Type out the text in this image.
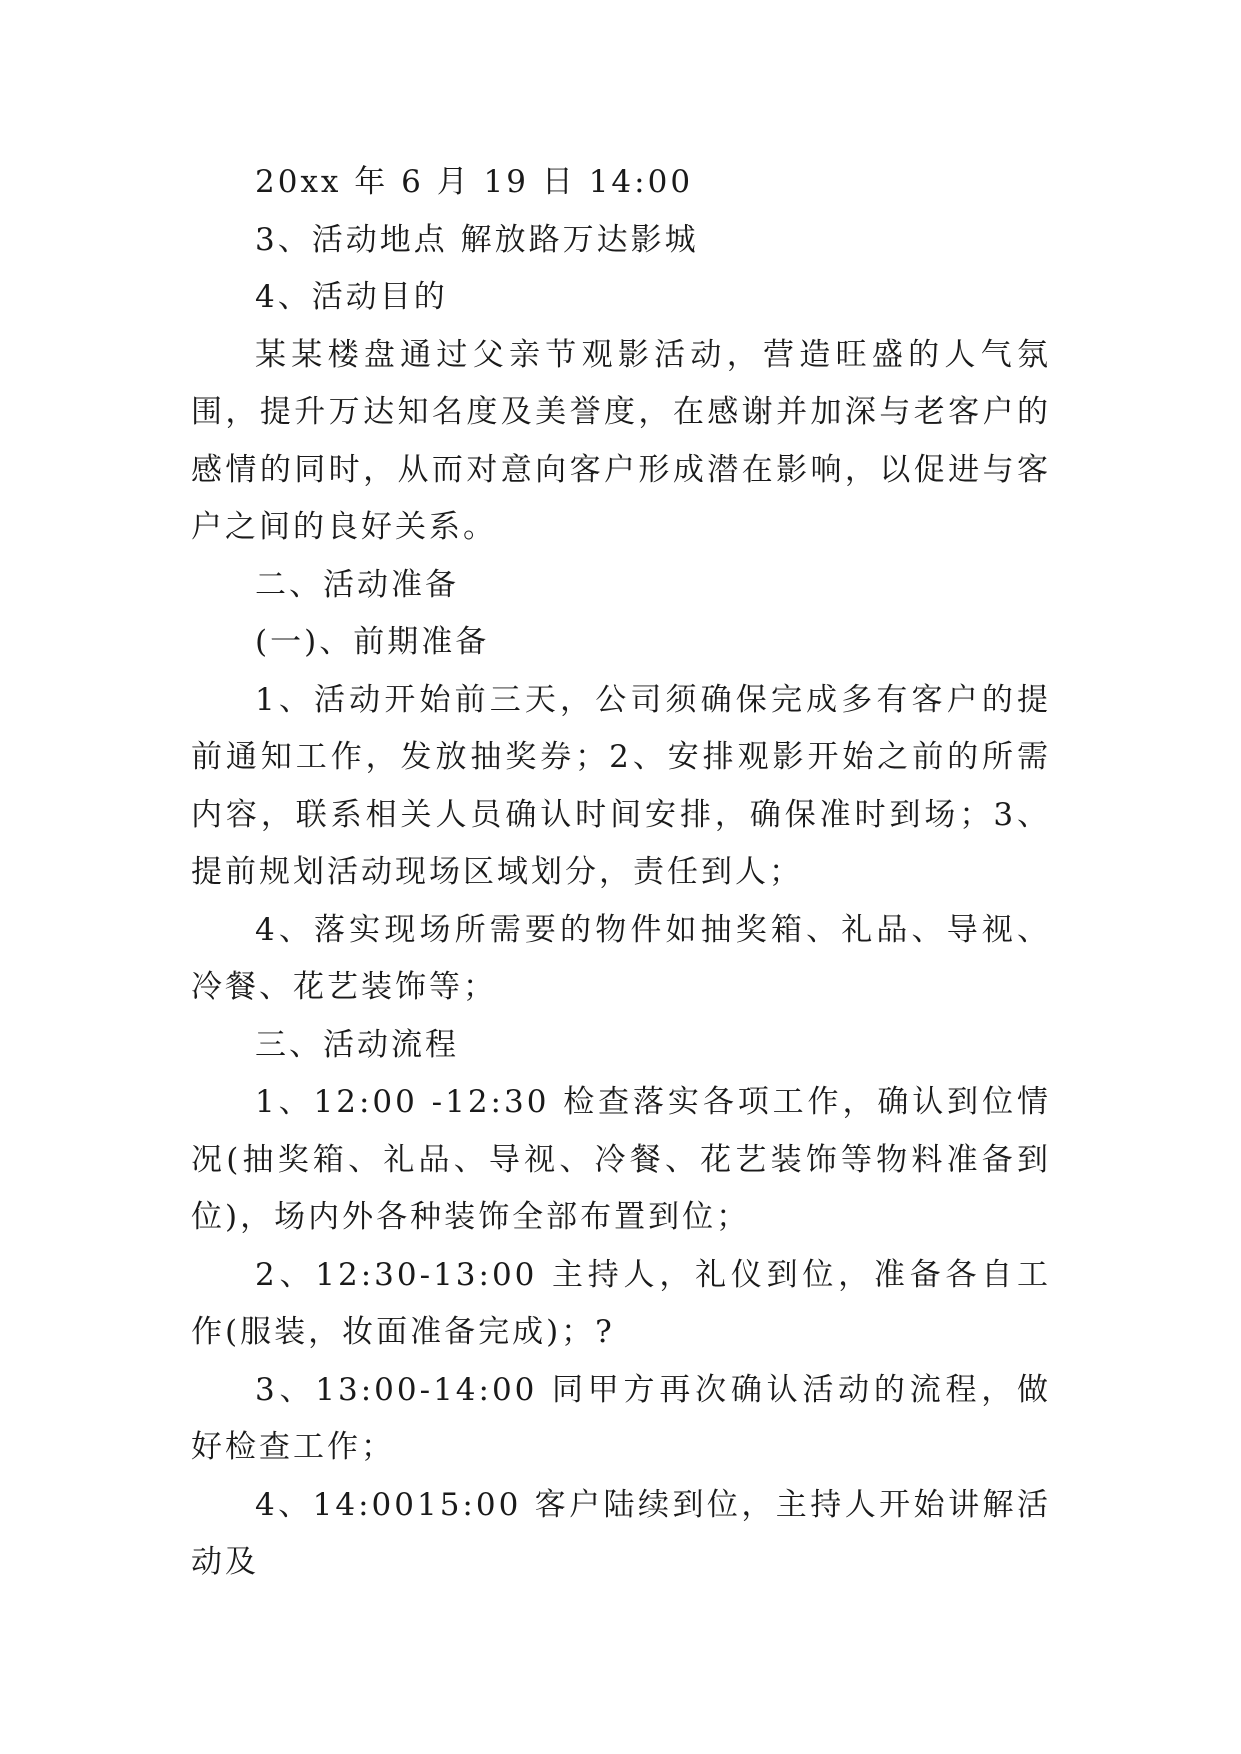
20xx 年 6 月 19 日 14:00

3、活动地点 解放路万达影城

4、活动目的

某某楼盘通过父亲节观影活动，营造旺盛的人气氛围，提升万达知名度及美誉度，在感谢并加深与老客户的感情的同时，从而对意向客户形成潜在影响，以促进与客户之间的良好关系。

二、活动准备

(一)、前期准备

1、活动开始前三天，公司须确保完成多有客户的提前通知工作，发放抽奖券；2、安排观影开始之前的所需内容，联系相关人员确认时间安排，确保准时到场；3、提前规划活动现场区域划分，责任到人；

4、落实现场所需要的物件如抽奖箱、礼品、导视、冷餐、花艺装饰等；

三、活动流程

1、12:00 -12:30 检查落实各项工作，确认到位情况(抽奖箱、礼品、导视、冷餐、花艺装饰等物料准备到位)，场内外各种装饰全部布置到位；

2、12:30-13:00 主持人，礼仪到位，准备各自工作(服装，妆面准备完成)；?

3、13:00-14:00 同甲方再次确认活动的流程，做好检查工作；

4、14:0015:00 客户陆续到位，主持人开始讲解活动及
